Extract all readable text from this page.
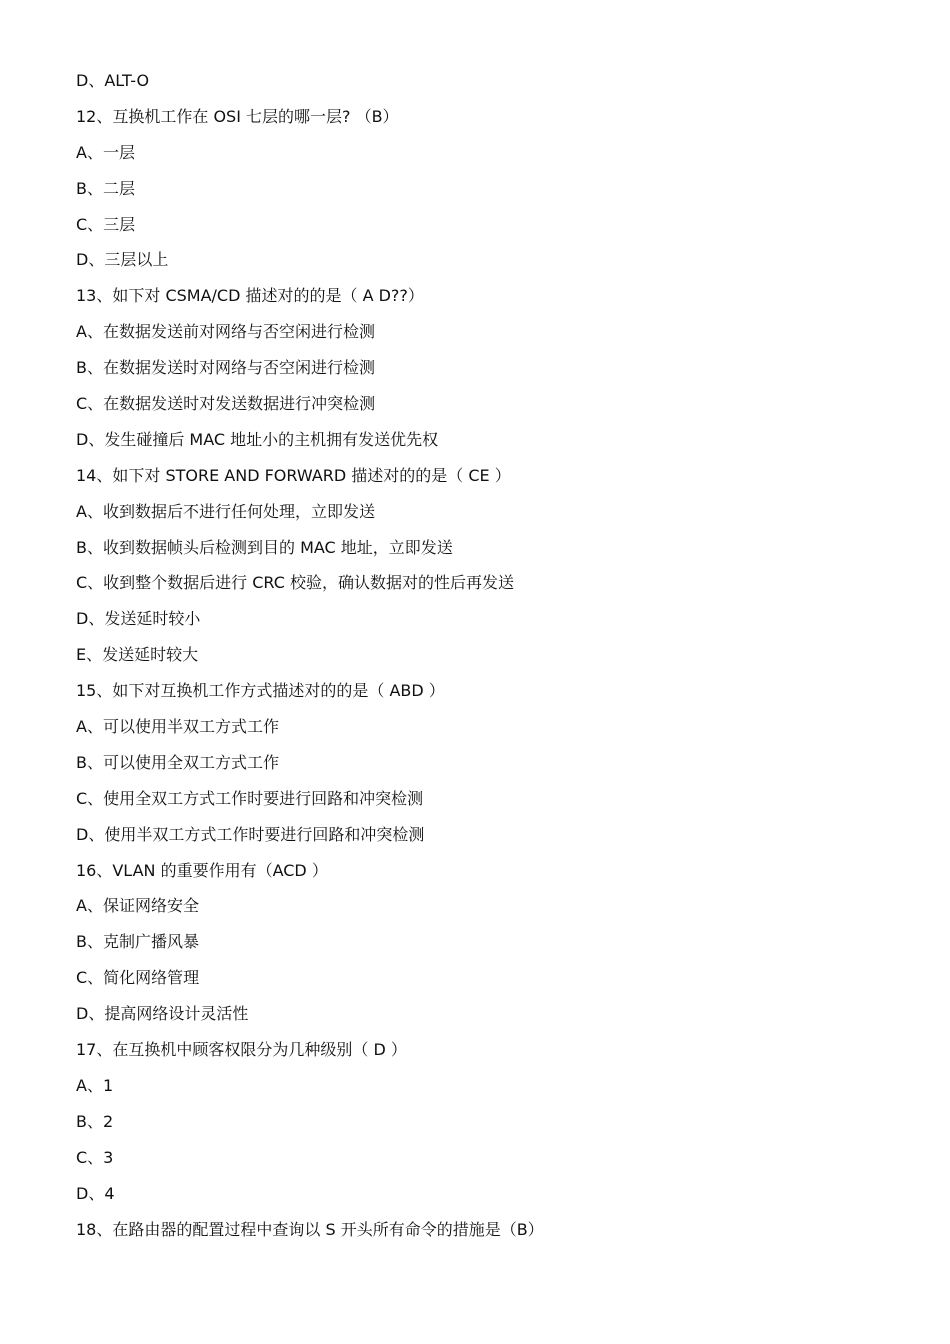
D、ALT-O
12、互换机工作在 OSI 七层的哪一层? （B）
A、一层
B、二层
C、三层
D、三层以上
13、如下对 CSMA/CD 描述对的的是（ A D??）
A、在数据发送前对网络与否空闲进行检测
B、在数据发送时对网络与否空闲进行检测
C、在数据发送时对发送数据进行冲突检测
D、发生碰撞后 MAC 地址小的主机拥有发送优先权
14、如下对 STORE AND FORWARD 描述对的的是（ CE ）
A、收到数据后不进行任何处理，立即发送
B、收到数据帧头后检测到目的 MAC 地址，立即发送
C、收到整个数据后进行 CRC 校验，确认数据对的性后再发送
D、发送延时较小
E、发送延时较大
15、如下对互换机工作方式描述对的的是（ ABD ）
A、可以使用半双工方式工作
B、可以使用全双工方式工作
C、使用全双工方式工作时要进行回路和冲突检测
D、使用半双工方式工作时要进行回路和冲突检测
16、VLAN 的重要作用有（ACD ）
A、保证网络安全
B、克制广播风暴
C、简化网络管理
D、提高网络设计灵活性
17、在互换机中顾客权限分为几种级别（ D ）
A、1
B、2
C、3
D、4
18、在路由器的配置过程中查询以 S 开头所有命令的措施是（B）
